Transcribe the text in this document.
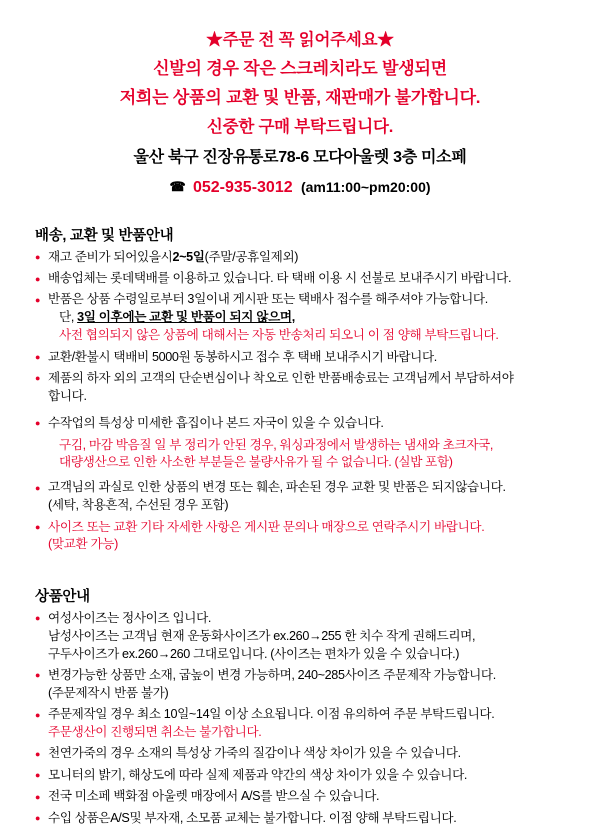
★주문 전 꼭 읽어주세요★
신발의 경우 작은 스크레치라도 발생되면
저희는 상품의 교환 및 반품, 재판매가 불가합니다.
신중한 구매 부탁드립니다.
울산 북구 진장유통로78-6 모다아울렛 3층 미소페
☎ 052-935-3012 (am11:00~pm20:00)
배송, 교환 및 반품안내
● 재고 준비가 되어있을시2~5일(주말/공휴일제외)
● 배송업체는 롯데택배를 이용하고 있습니다. 타 택배 이용 시 선불로 보내주시기 바랍니다.
● 반품은 상품 수령일로부터 3일이내 게시판 또는 택배사 접수를 해주셔야 가능합니다.
단, 3일 이후에는 교환 및 반품이 되지 않으며,
사전 협의되지 않은 상품에 대해서는 자동 반송처리 되오니 이 점 양해 부탁드립니다.
● 교환/환불시 택배비 5000원 동봉하시고 접수 후 택배 보내주시기 바랍니다.
● 제품의 하자 외의 고객의 단순변심이나 착오로 인한 반품배송료는 고객님께서 부담하셔야
합니다.
● 수작업의 특성상 미세한 흡집이나 본드 자국이 있을 수 있습니다.
구김, 마감 박음질 일 부 정리가 안된 경우, 워싱과정에서 발생하는 냄새와 초크자국,
대량생산으로 인한 사소한 부분들은 불량사유가 될 수 없습니다. (실밥 포함)
● 고객님의 과실로 인한 상품의 변경 또는 훼손, 파손된 경우 교환 및 반품은 되지않습니다.
(세탁, 착용흔적, 수선된 경우 포함)
● 사이즈 또는 교환 기타 자세한 사항은 게시판 문의나 매장으로 연락주시기 바랍니다.
(맞교환 가능)
상품안내
● 여성사이즈는 정사이즈 입니다.
남성사이즈는 고객님 현재 운동화사이즈가 ex.260→255 한 치수 작게 권해드리며,
구두사이즈가 ex.260→260 그대로입니다. (사이즈는 편차가 있을 수 있습니다.)
● 변경가능한 상품만 소재, 굽높이 변경 가능하며, 240~285사이즈 주문제작 가능합니다.
(주문제작시 반품 불가)
● 주문제작일 경우 최소 10일~14일 이상 소요됩니다. 이점 유의하여 주문 부탁드립니다.
주문생산이 진행되면 취소는 불가합니다.
● 천연가죽의 경우 소재의 특성상 가죽의 질감이나 색상 차이가 있을 수 있습니다.
● 모니터의 밝기, 해상도에 따라 실제 제품과 약간의 색상 차이가 있을 수 있습니다.
● 전국 미소페 백화점 아울렛 매장에서 A/S를 받으실 수 있습니다.
● 수입 상품은A/S및 부자재, 소모품 교체는 불가합니다. 이점 양해 부탁드립니다.
